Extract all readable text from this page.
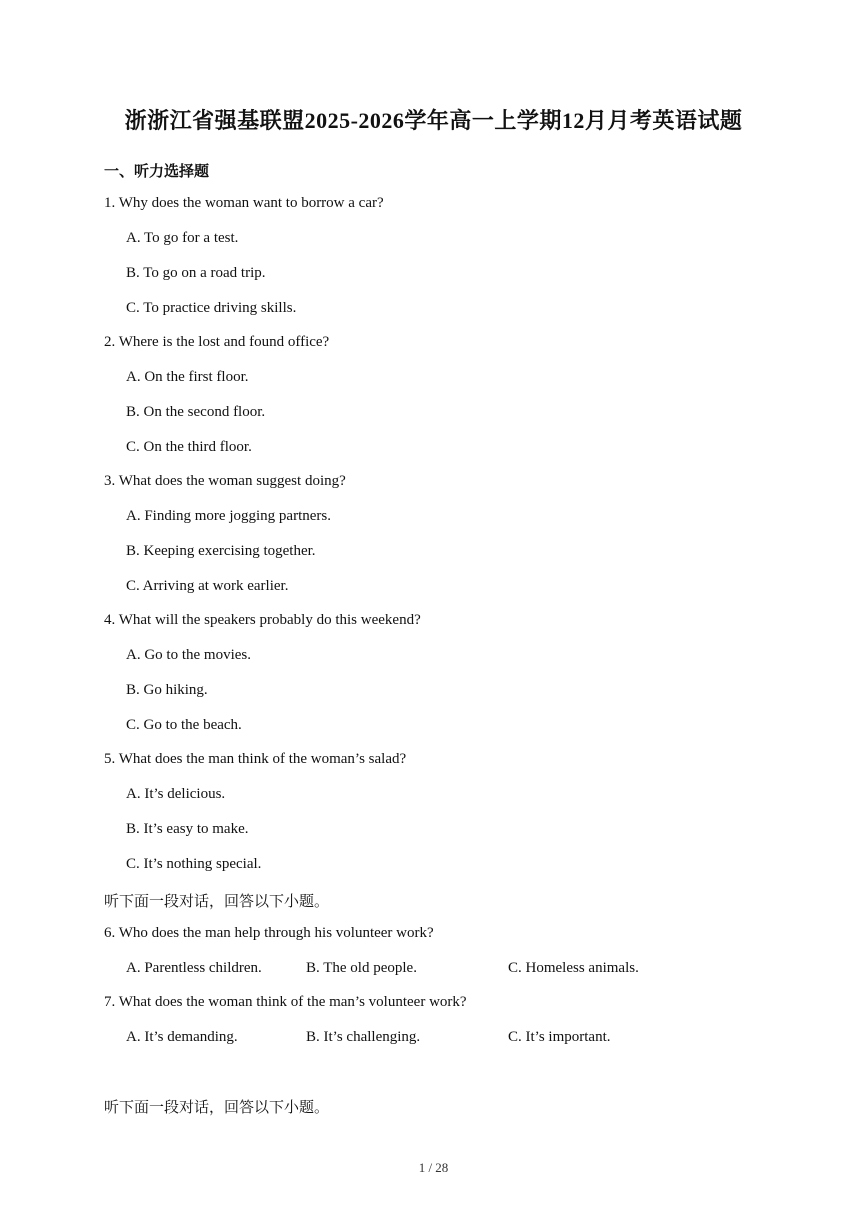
浙浙江省强基联盟2025-2026学年高一上学期12月月考英语试题
一、听力选择题
1. Why does the woman want to borrow a car?
A. To go for a test.
B. To go on a road trip.
C. To practice driving skills.
2. Where is the lost and found office?
A. On the first floor.
B. On the second floor.
C. On the third floor.
3. What does the woman suggest doing?
A. Finding more jogging partners.
B. Keeping exercising together.
C. Arriving at work earlier.
4. What will the speakers probably do this weekend?
A. Go to the movies.
B. Go hiking.
C. Go to the beach.
5. What does the man think of the woman’s salad?
A. It’s delicious.
B. It’s easy to make.
C. It’s nothing special.
听下面一段对话，回答以下小题。
6. Who does the man help through his volunteer work?
A. Parentless children.	B. The old people.	C. Homeless animals.
7. What does the woman think of the man’s volunteer work?
A. It’s demanding.	B. It’s challenging.	C. It’s important.
听下面一段对话，回答以下小题。
1 / 28
